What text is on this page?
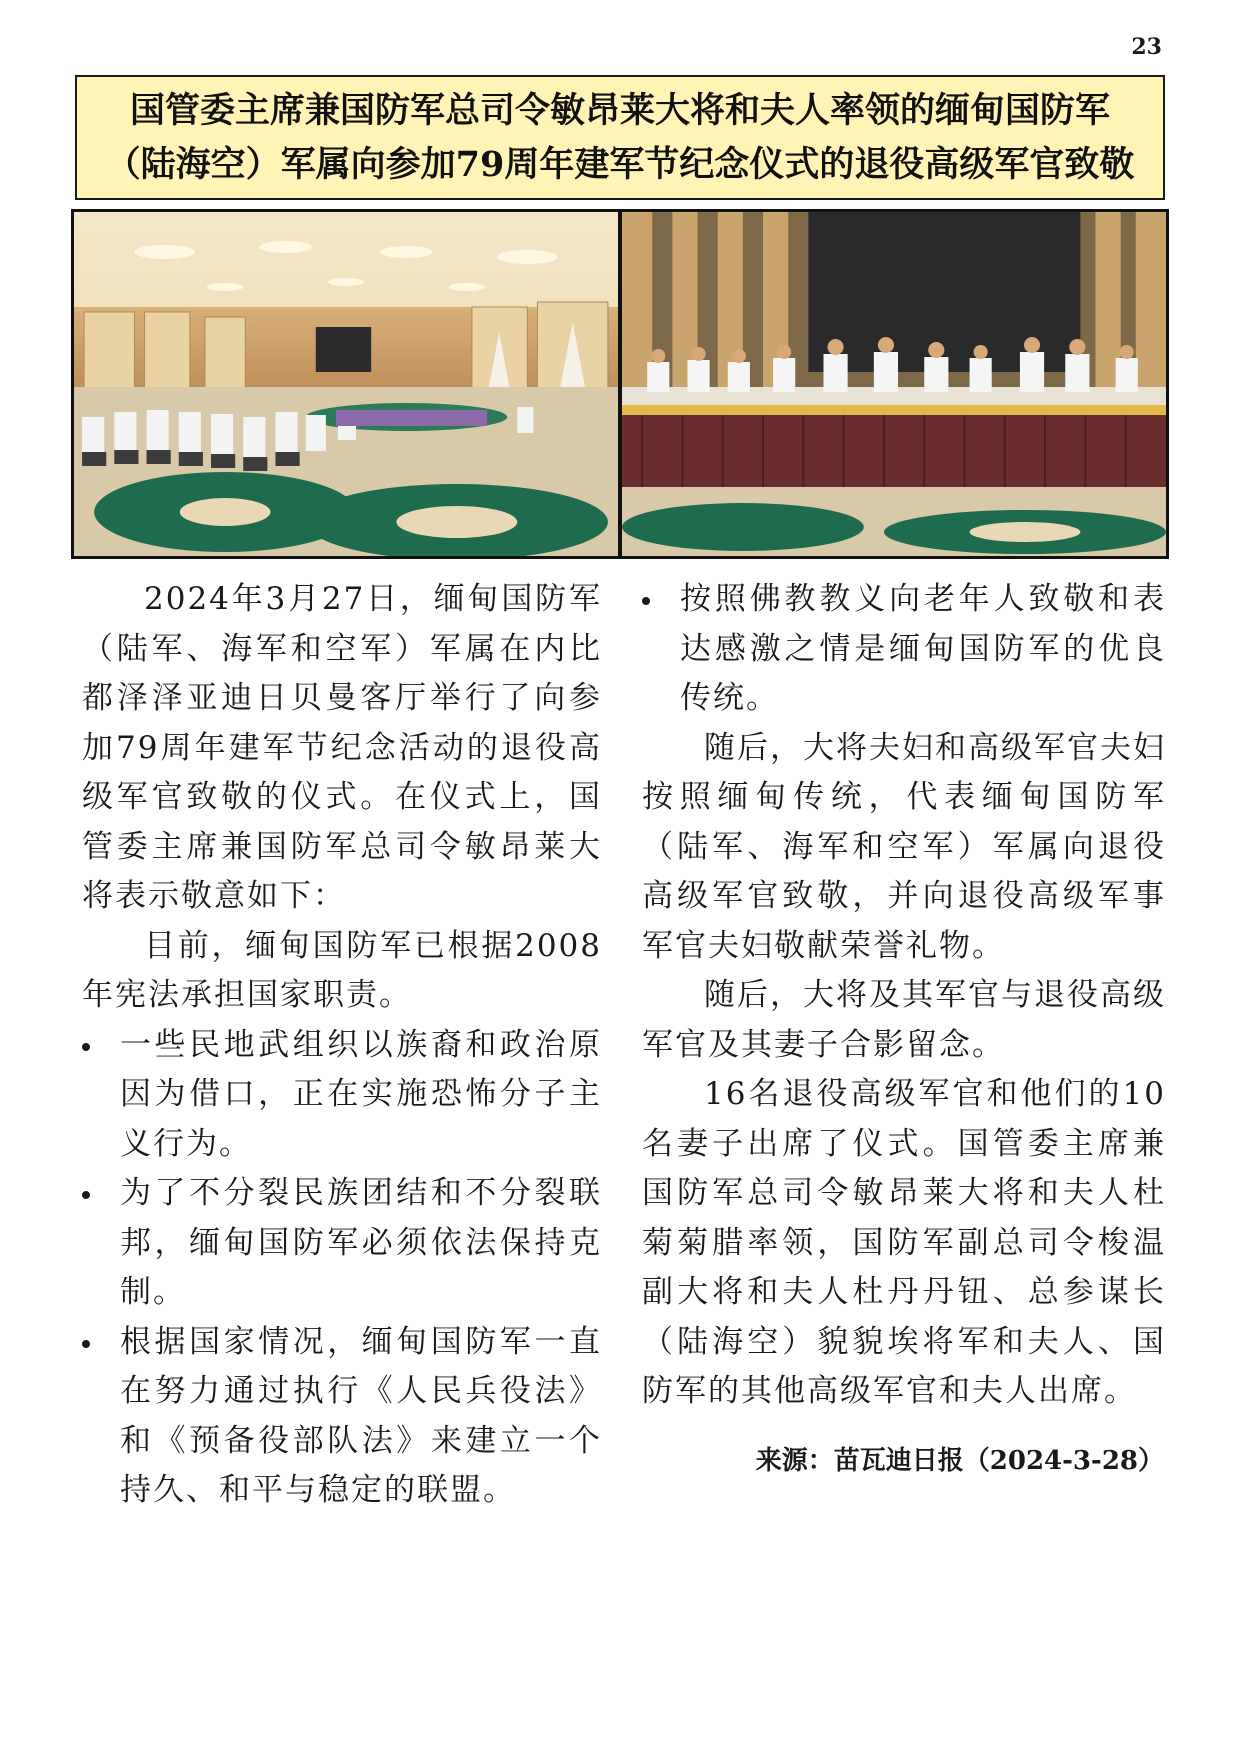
23
国管委主席兼国防军总司令敏昂莱大将和夫人率领的缅甸国防军
（陆海空）军属向参加79周年建军节纪念仪式的退役高级军官致敬

2024年3月27日，缅甸国防军（陆军、海军和空军）军属在内比都泽泽亚迪日贝曼客厅举行了向参加79周年建军节纪念活动的退役高级军官致敬的仪式。在仪式上，国管委主席兼国防军总司令敏昂莱大将表示敬意如下：

目前，缅甸国防军已根据2008年宪法承担国家职责。

一些民地武组织以族裔和政治原因为借口，正在实施恐怖分子主义行为。

为了不分裂民族团结和不分裂联邦，缅甸国防军必须依法保持克制。

根据国家情况，缅甸国防军一直在努力通过执行《人民兵役法》和《预备役部队法》来建立一个持久、和平与稳定的联盟。

按照佛教教义向老年人致敬和表达感激之情是缅甸国防军的优良传统。

随后，大将夫妇和高级军官夫妇按照缅甸传统，代表缅甸国防军（陆军、海军和空军）军属向退役高级军官致敬，并向退役高级军事军官夫妇敬献荣誉礼物。

随后，大将及其军官与退役高级军官及其妻子合影留念。

16名退役高级军官和他们的10名妻子出席了仪式。国管委主席兼国防军总司令敏昂莱大将和夫人杜菊菊腊率领，国防军副总司令梭温副大将和夫人杜丹丹钮、总参谋长（陆海空）貌貌埃将军和夫人、国防军的其他高级军官和夫人出席。

来源：苗瓦迪日报（2024-3-28）
